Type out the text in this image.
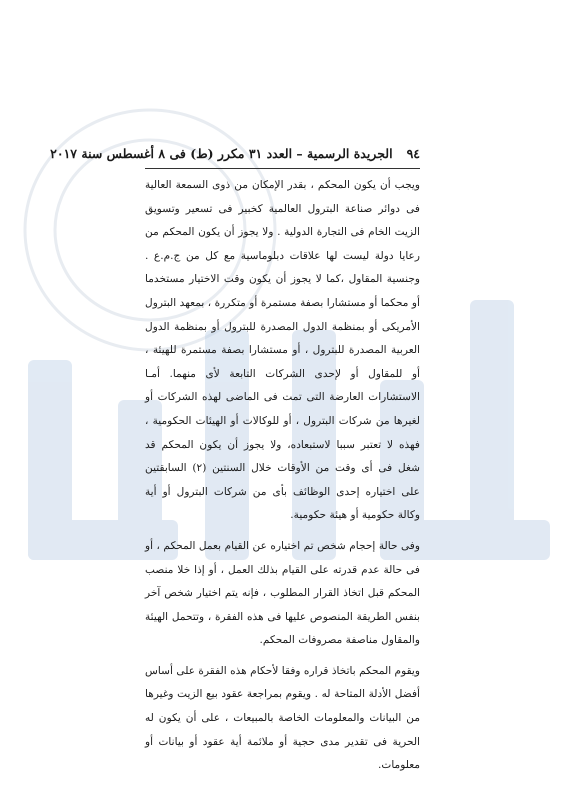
٩٤
الجريدة الرسمية – العدد ٣١ مكرر (ط) فى ٨ أغسطس سنة ٢٠١٧

ويجب أن يكون المحكم ، بقدر الإمكان من ذوى السمعة العالية فى دوائر صناعة البترول العالمية كخبير فى تسعير وتسويق الزيت الخام فى التجارة الدولية . ولا يجوز أن يكون المحكم من رعايا دولة ليست لها علاقات دبلوماسية مع كل من ج.م.ع . وجنسية المقاول ،كما لا يجوز أن يكون وقت الاختيار مستخدما أو محكما أو مستشارا بصفة مستمرة أو متكررة ، بمعهد البترول الأمريكى أو بمنظمة الدول المصدرة للبترول أو بمنظمة الدول العربية المصدرة للبترول ، أو مستشارا بصفة مستمرة للهيئة ، أو للمقاول أو لإحدى الشركات التابعة لأى منهما. أمـا الاستشارات العارضة التى تمت فى الماضى لهذه الشركات أو لغيرها من شركات البترول ، أو للوكالات أو الهيئات الحكومية ، فهذه لا تعتبر سببا لاستبعاده، ولا يجوز أن يكون المحكم قد شغل فى أى وقت من الأوقات خلال السنتين (٢) السابقتين على اختياره إحدى الوظائف بأى من شركات البترول أو أية وكالة حكومية أو هيئة حكومية.

وفى حالة إحجام شخص تم اختياره عن القيام بعمل المحكم ، أو فى حالة عدم قدرته على القيام بذلك العمل ، أو إذا خلا منصب المحكم قبل اتخاذ القرار المطلوب ، فإنه يتم اختيار شخص آخر بنفس الطريقة المنصوص عليها فى هذه الفقرة ، وتتحمل الهيئة والمقاول مناصفة مصروفات المحكم.

ويقوم المحكم باتخاذ قراره وفقا لأحكام هذه الفقرة على أساس أفضل الأدلة المتاحة له . ويقوم بمراجعة عقود بيع الزيت وغيرها من البيانات والمعلومات الخاصة بالمبيعات ، على أن يكون له الحرية فى تقدير مدى حجية أو ملائمة أية عقود أو بيانات أو معلومات.
